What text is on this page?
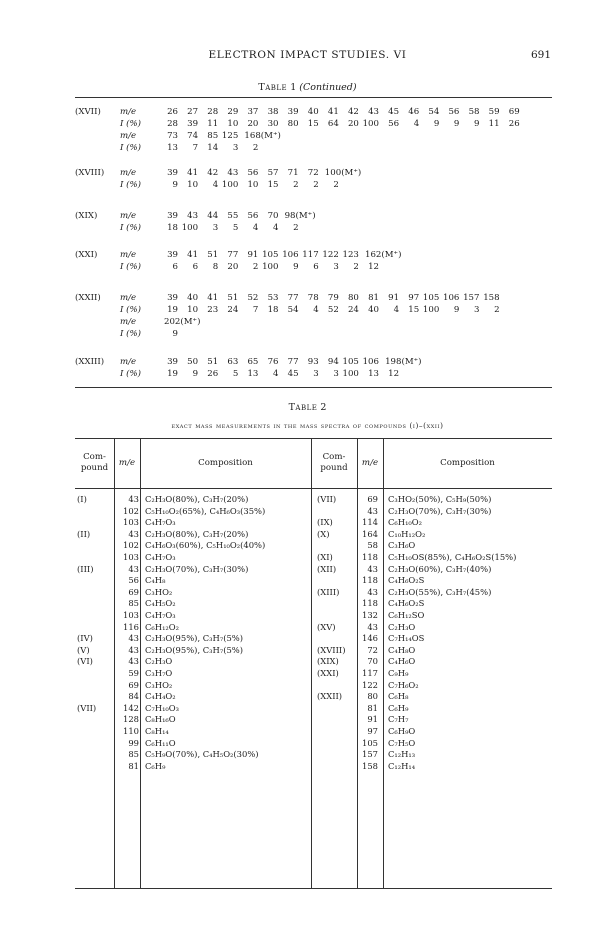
ELECTRON IMPACT STUDIES. VI	691
Table 1 (Continued)
(XVII)	m/e	26	27	28	29	37	38	39	40	41	42	43	45	46	54	56	58	59	69
I (%)	28	39	11	10	20	30	80	15	64	20 100	56	4	9	9	9	11	26
m/e	73	74	85 125 168(M⁺)
I (%)	13	7	14	3	2
(XVIII)	m/e	39	41	42	43	56	57	71	72 100(M⁺)
I (%)	9	10	4 100	10	15	2	2	2
(XIX)	m/e	39	43	44	55	56	70 98(M⁺)
I (%)	18 100	3	5	4	4	2
(XXI)	m/e	39	41	51	77	91 105 106 117 122 123 162(M⁺)
I (%)	6	6	8	20	2 100	9	6	3	2	12
(XXII)	m/e	39	40	41	51	52	53	77	78	79	80	81	91	97 105 106 157 158
I (%)	19	10	23	24	7	18	54	4	52	24	40	4	15 100	9	3	2
m/e	202(M⁺)
I (%)	9
(XXIII)	m/e	39	50	51	63	65	76	77	93	94 105 106 198(M⁺)
I (%)	19	9	26	5	13	4	45	3	3 100	13	12
Table 2
exact mass measurements in the mass spectra of compounds (i)–(xxii)
Com-
pound	m/e	Composition
Com-
pound	m/e	Composition
(I)	43 C₂H₃O(80%), C₃H₇(20%)	(VII)	69 C₃HO₂(50%), C₅H₉(50%)
102 C₅H₁₀O₂(65%), C₄H₆O₃(35%)	43 C₂H₃O(70%), C₃H₇(30%)
103 C₄H₇O₃	(IX)	114 C₆H₁₀O₂
(II)	43 C₂H₃O(80%), C₃H₇(20%)	(X)	164 C₁₀H₁₂O₂
102 C₄H₆O₃(60%), C₅H₁₀O₂(40%)	58 C₃H₆O
103 C₄H₇O₃	(XI)	118 C₅H₁₀OS(85%), C₄H₆O₂S(15%)
(III)	43 C₂H₃O(70%), C₃H₇(30%)	(XII)	43 C₂H₃O(60%), C₃H₇(40%)
56 C₄H₈	118 C₄H₆O₂S
69 C₃HO₂	(XIII)	43 C₂H₃O(55%), C₃H₇(45%)
85 C₄H₅O₂	118 C₄H₆O₂S
103 C₄H₇O₃	132 C₆H₁₂SO
116 C₆H₁₂O₂	(XV)	43 C₂H₃O
(IV)	43 C₂H₃O(95%), C₃H₇(5%)	146 C₇H₁₄OS
(V)	43 C₂H₃O(95%), C₃H₇(5%)	(XVIII)	72 C₄H₈O
(VI)	43 C₂H₃O	(XIX)	70 C₄H₆O
59 C₃H₇O	(XXI)	117 C₉H₉
69 C₃HO₂	122 C₇H₆O₂
84 C₄H₄O₂	(XXII)	80 C₆H₈
(VII)	142 C₇H₁₀O₃	81 C₆H₉
128 C₈H₁₆O	91 C₇H₇
110 C₈H₁₄	97 C₆H₉O
99 C₆H₁₁O	105 C₇H₅O
85 C₅H₉O(70%), C₄H₅O₂(30%)	157 C₁₂H₁₃
81 C₆H₉	158 C₁₂H₁₄
